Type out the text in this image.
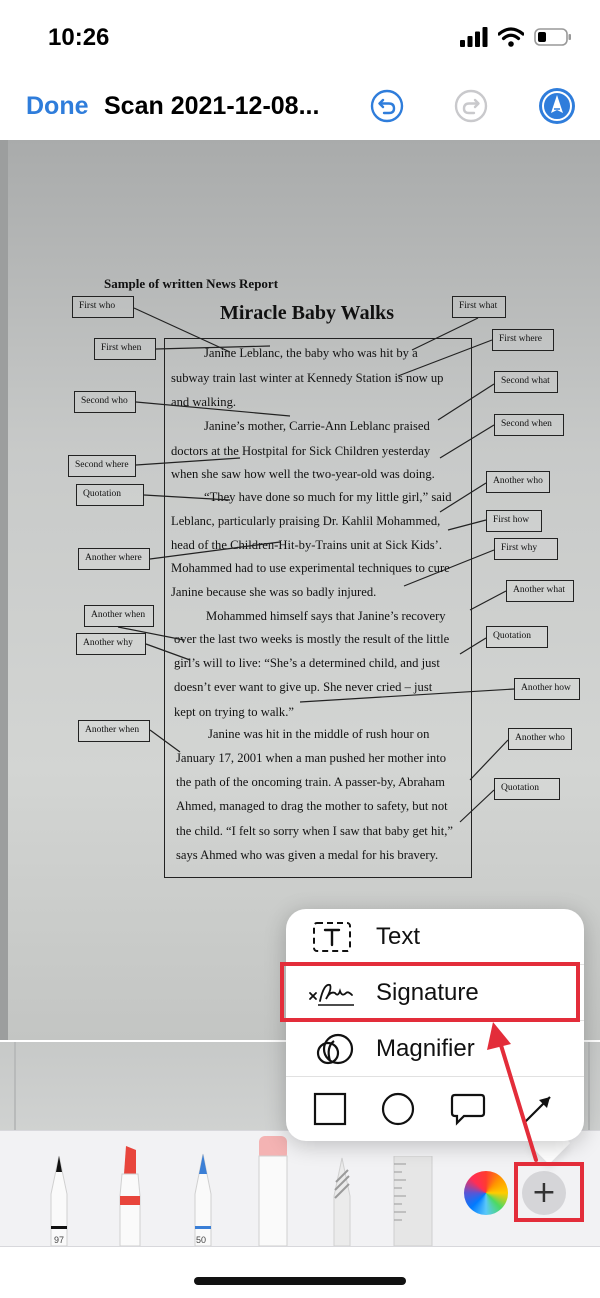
10:26
Done Scan 2021-12-08...
Sample of written News Report
Miracle Baby Walks
Janine Leblanc, the baby who was hit by a
subway train last winter at Kennedy Station is now up
and walking.
Janine’s mother, Carrie-Ann Leblanc praised
doctors at the Hostpital for Sick Children yesterday
when she saw how well the two-year-old was doing.
“They have done so much for my little girl,” said
Leblanc, particularly praising Dr. Kahlil Mohammed,
head of the Children-Hit-by-Trains unit at Sick Kids’.
Mohammed had to use experimental techniques to cure
Janine because she was so badly injured.
Mohammed himself says that Janine’s recovery
over the last two weeks is mostly the result of the little
girl’s will to live: “She’s a determined child, and just
doesn’t ever want to give up. She never cried – just
kept on trying to walk.”
Janine was hit in the middle of rush hour on
January 17, 2001 when a man pushed her mother into
the path of the oncoming train. A passer-by, Abraham
Ahmed, managed to drag the mother to safety, but not
the child. “I felt so sorry when I saw that baby get hit,”
says Ahmed who was given a medal for his bravery.
First who
First when
Second who
Second where
Quotation
Another where
Another when
Another why
Another when
First what
First where
Second what
Second when
Another who
First how
First why
Another what
Quotation
Another how
Another who
Quotation
97	50
+
Text
Signature
Magnifier
